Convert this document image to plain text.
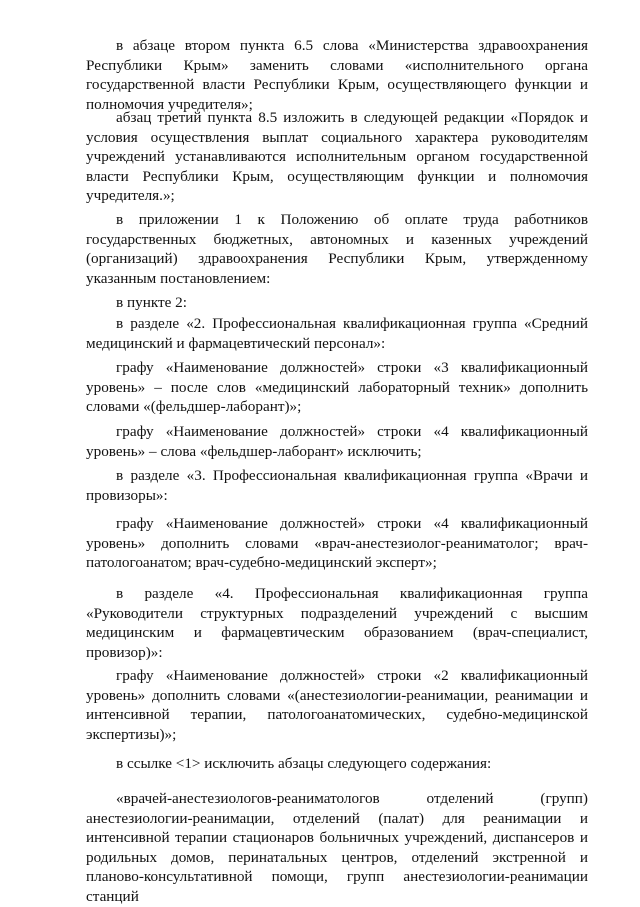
в абзаце втором пункта 6.5 слова «Министерства здравоохранения Республики Крым» заменить словами «исполнительного органа государственной власти Республики Крым, осуществляющего функции и полномочия учредителя»;

абзац третий пункта 8.5 изложить в следующей редакции «Порядок и условия осуществления выплат социального характера руководителям учреждений устанавливаются исполнительным органом государственной власти Республики Крым, осуществляющим функции и полномочия учредителя.»;

в приложении 1 к Положению об оплате труда работников государственных бюджетных, автономных и казенных учреждений (организаций) здравоохранения Республики Крым, утвержденному указанным постановлением:

в пункте 2:

в разделе «2. Профессиональная квалификационная группа «Средний медицинский и фармацевтический персонал»:

графу «Наименование должностей» строки «3 квалификационный уровень» – после слов «медицинский лабораторный техник» дополнить словами «(фельдшер-лаборант)»;

графу «Наименование должностей» строки «4 квалификационный уровень» – слова «фельдшер-лаборант» исключить;

в разделе «3. Профессиональная квалификационная группа «Врачи и провизоры»:

графу «Наименование должностей» строки «4 квалификационный уровень» дополнить словами «врач-анестезиолог-реаниматолог; врач-патологоанатом; врач-судебно-медицинский эксперт»;

в разделе «4. Профессиональная квалификационная группа «Руководители структурных подразделений учреждений с высшим медицинским и фармацевтическим образованием (врач-специалист, провизор)»:

графу «Наименование должностей» строки «2 квалификационный уровень» дополнить словами «(анестезиологии-реанимации, реанимации и интенсивной терапии, патологоанатомических, судебно-медицинской экспертизы)»;

в ссылке <1> исключить абзацы следующего содержания:

«врачей-анестезиологов-реаниматологов отделений (групп) анестезиологии-реанимации, отделений (палат) для реанимации и интенсивной терапии стационаров больничных учреждений, диспансеров и родильных домов, перинатальных центров, отделений экстренной и планово-консультативной помощи, групп анестезиологии-реанимации станций
